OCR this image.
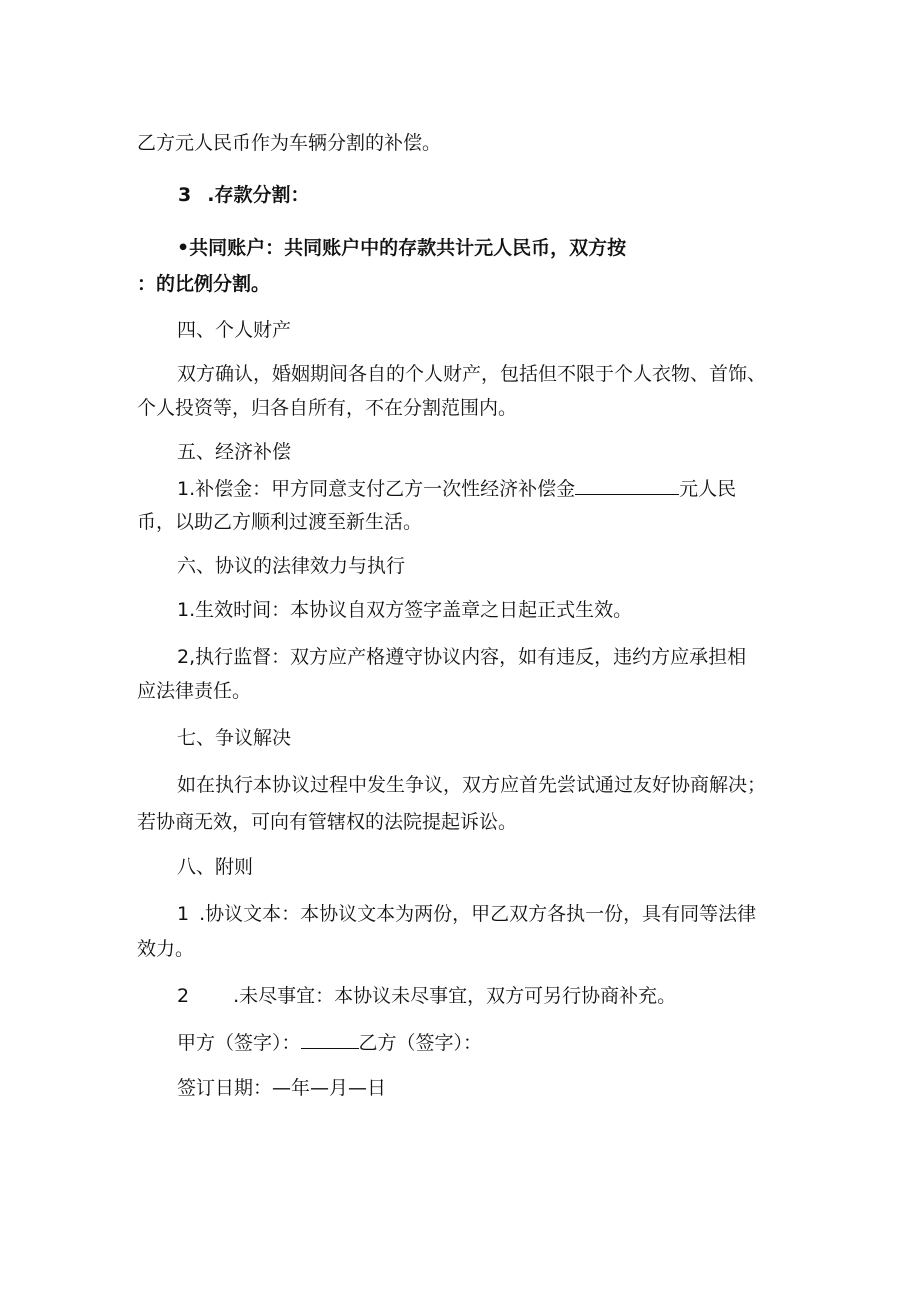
乙方元人民币作为车辆分割的补偿。
3 .存款分割：
•共同账户：共同账户中的存款共计元人民币，双方按
：的比例分割。
四、个人财产
双方确认，婚姻期间各自的个人财产，包括但不限于个人衣物、首饰、
个人投资等，归各自所有，不在分割范围内。
五、经济补偿
1.补偿金：甲方同意支付乙方一次性经济补偿金	元人民
币，以助乙方顺利过渡至新生活。
六、协议的法律效力与执行
1.生效时间：本协议自双方签字盖章之日起正式生效。
2,执行监督：双方应产格遵守协议内容，如有违反，违约方应承担相
应法律责任。
七、争议解决
如在执行本协议过程中发生争议，双方应首先尝试通过友好协商解决；
若协商无效，可向有管辖权的法院提起诉讼。
八、附则
1 .协议文本：本协议文本为两份，甲乙双方各执一份，具有同等法律
效力。
2 .未尽事宜：本协议未尽事宜，双方可另行协商补充。
甲方（签字）：	乙方（签字）：
签订日期：—年—月—日
